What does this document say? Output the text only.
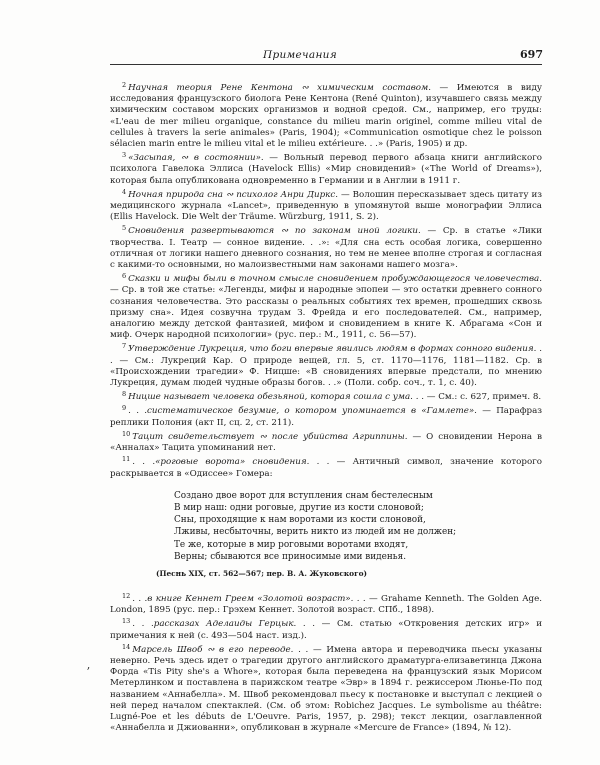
Примечания	697
ʼ

$^2$ Научная теория Рене Кентона ∾ химическим составом. — Имеются в виду исследования французского биолога Рене Кентона (René Quinton), изучавшего связь между химическим составом морских организмов и водной средой. См., например, его труды: «L'eau de mer milieu organique, constance du milieu marin originel, comme milieu vital de cellules à travers la serie animales» (Paris, 1904); «Communication osmotique chez le poisson sélacien marin entre le milieu vital et le milieu extérieure. . .» (Paris, 1905) и др.

$^3$ «Засыпая, ∾ в состоянии». — Вольный перевод первого абзаца книги английского психолога Гавелока Эллиса (Havelock Ellis) «Мир сновидений» («The World of Dreams»), которая была опубликована одновременно в Германии и в Англии в 1911 г.

$^4$ Ночная природа сна ∾ психолог Анри Диркс. — Волошин пересказывает здесь цитату из медицинского журнала «Lancet», приведенную в упомянутой выше монографии Эллиса (Ellis Havelock. Die Welt der Träume. Würzburg, 1911, S. 2).

$^5$ Сновидения развертываются ∾ по законам иной логики. — Ср. в статье «Лики творчества. I. Театр — сонное видение. . .»: «Для сна есть особая логика, совершенно отличная от логики нашего дневного сознания, но тем не менее вполне строгая и согласная с какими-то основными, но малоизвестными нам законами нашего мозга».

$^6$ Сказки и мифы были в точном смысле сновидением пробуждающегося человечества. — Ср. в той же статье: «Легенды, мифы и народные эпопеи — это остатки древнего сонного сознания человечества. Это рассказы о реальных событиях тех времен, прошедших сквозь призму сна». Идея созвучна трудам З. Фрейда и его последователей. См., например, аналогию между детской фантазией, мифом и сновидением в книге К. Абрагама «Сон и миф. Очерк народной психологии» (рус. пер.: М., 1911, с. 56—57).

$^7$ Утверждение Лукреция, что боги впервые явились людям в формах сонного видения. . . — См.: Лукреций Кар. О природе вещей, гл. 5, ст. 1170—1176, 1181—1182. Ср. в «Происхождении трагедии» Ф. Ницше: «В сновидениях впервые предстали, по мнению Лукреция, думам людей чудные образы богов. . .» (Поли. собр. соч., т. 1, с. 40).

$^8$ Ницше называет человека обезьяной, которая сошла с ума. . . — См.: с. 627, примеч. 8.

$^9$ . . .систематическое безумие, о котором упоминается в «Гамлете». — Парафраз реплики Полония (акт II, сц. 2, ст. 211).

$^{10}$ Тацит свидетельствует ∾ после убийства Агриппины. — О сновидении Нерона в «Анналах» Тацита упоминаний нет.

$^{11}$ . . .«роговые ворота» сновидения. . . — Античный символ, значение которого раскрывается в «Одиссее» Гомера:

Создано двое ворот для вступления снам бестелесным
В мир наш: одни роговые, другие из кости слоновой;
Сны, проходящие к нам воротами из кости слоновой,
Лживы, несбыточны, верить никто из людей им не должен;
Те же, которые в мир роговыми воротами входят,
Верны; сбываются все приносимые ими виденья.
(Песнь XIX, ст. 562—567; пер. В. А. Жуковского)

$^{12}$ . . .в книге Кеннет Греем «Золотой возраст». . . — Grahame Kenneth. The Golden Age. London, 1895 (рус. пер.: Грэхем Кеннет. Золотой возраст. СПб., 1898).

$^{13}$ . . .рассказах Аделаиды Герцык. . . — См. статью «Откровения детских игр» и примечания к ней (с. 493—504 наст. изд.).

$^{14}$ Марсель Швоб ∾ в его переводе. . . — Имена автора и переводчика пьесы указаны неверно. Речь здесь идет о трагедии другого английского драматурга-елизаветинца Джона Форда «Tis Pity she's a Whore», которая была переведена на французский язык Морисом Метерлинком и поставлена в парижском театре «Эвр» в 1894 г. режиссером Люнье-По под названием «Аннабелла». М. Швоб рекомендовал пьесу к постановке и выступал с лекцией о ней перед началом спектаклей. (См. об этом: Robichez Jacques. Le symbolisme au théâtre: Lugné-Poe et les débuts de L'Oeuvre. Paris, 1957, p. 298); текст лекции, озаглавленной «Аннабелла и Джиованни», опубликован в журнале «Mercure de France» (1894, № 12).
